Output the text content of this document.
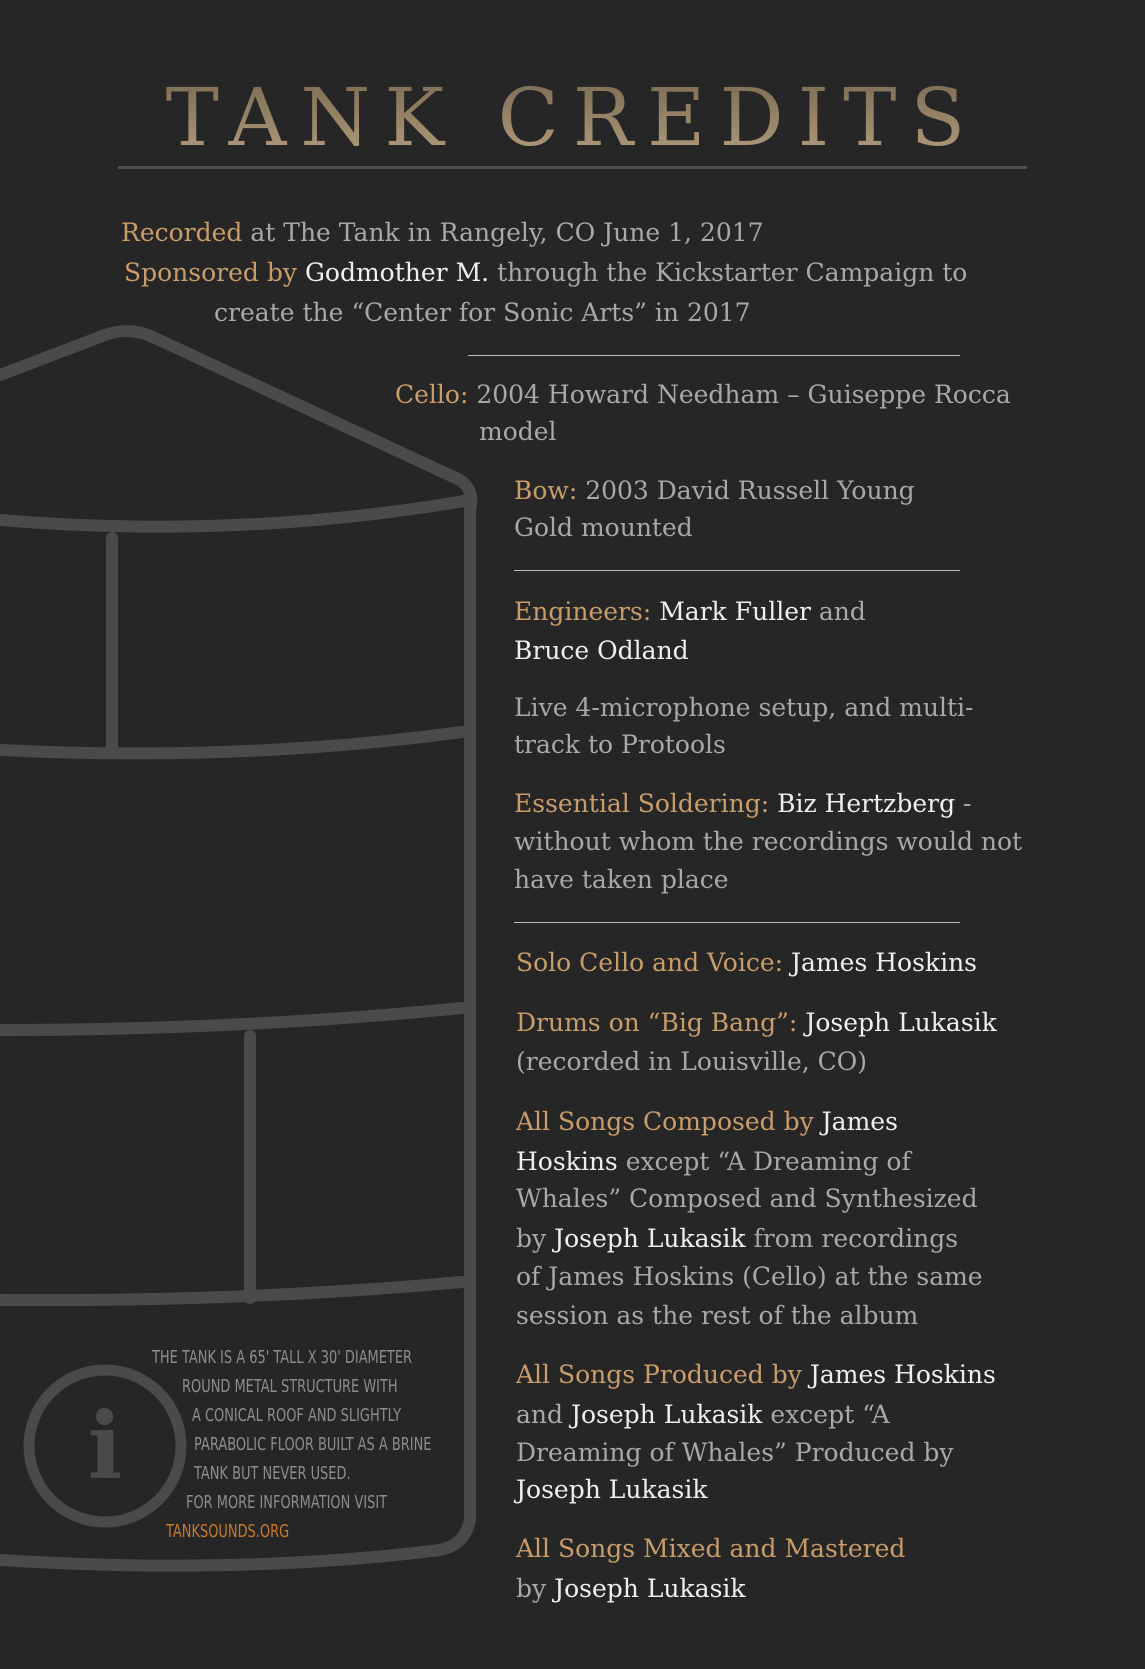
TANK CREDITS
Recorded at The Tank in Rangely, CO June 1, 2017
Sponsored by Godmother M. through the Kickstarter Campaign to
create the “Center for Sonic Arts” in 2017
Cello: 2004 Howard Needham – Guiseppe Rocca
model
Bow: 2003 David Russell Young
Gold mounted
Engineers: Mark Fuller and
Bruce Odland
Live 4-microphone setup, and multi-
track to Protools
Essential Soldering: Biz Hertzberg -
without whom the recordings would not
have taken place
Solo Cello and Voice: James Hoskins
Drums on “Big Bang”: Joseph Lukasik
(recorded in Louisville, CO)
All Songs Composed by James
Hoskins except “A Dreaming of
Whales” Composed and Synthesized
by Joseph Lukasik from recordings
of James Hoskins (Cello) at the same
session as the rest of the album
All Songs Produced by James Hoskins
and Joseph Lukasik except “A
Dreaming of Whales” Produced by
Joseph Lukasik
All Songs Mixed and Mastered
by Joseph Lukasik
i
THE TANK IS A 65' TALL X 30' DIAMETER
ROUND METAL STRUCTURE WITH
A CONICAL ROOF AND SLIGHTLY
PARABOLIC FLOOR BUILT AS A BRINE
TANK BUT NEVER USED.
FOR MORE INFORMATION VISIT
TANKSOUNDS.ORG
